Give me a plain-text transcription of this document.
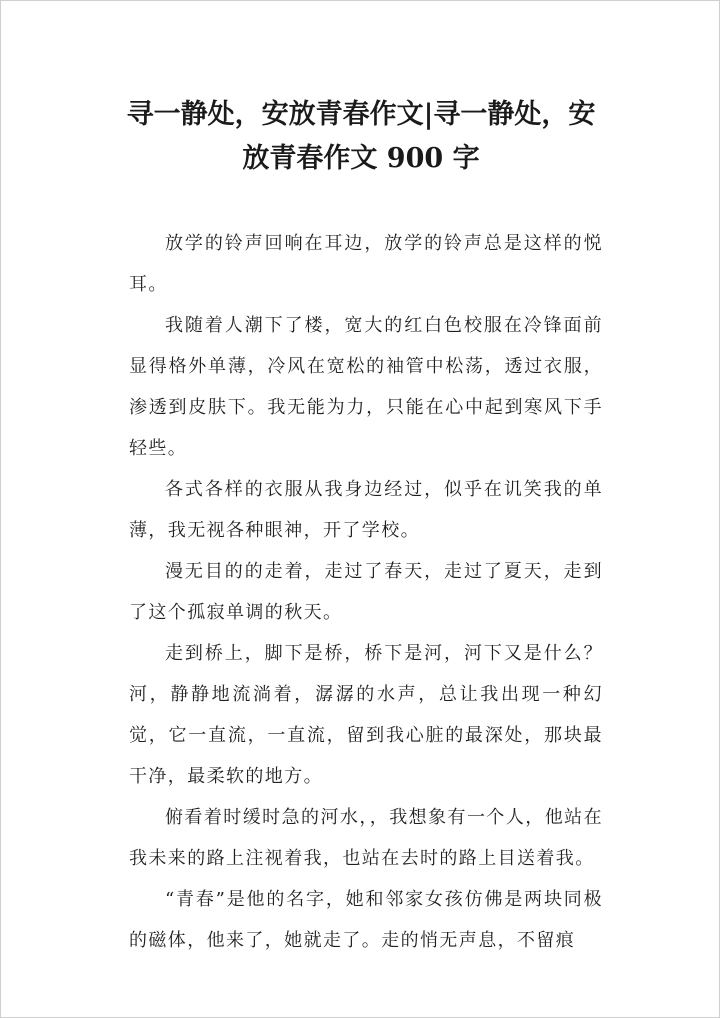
寻一静处，安放青春作文|寻一静处，安放青春作文 900 字

放学的铃声回响在耳边，放学的铃声总是这样的悦耳。

我随着人潮下了楼，宽大的红白色校服在冷锋面前显得格外单薄，冷风在宽松的袖管中松荡，透过衣服，渗透到皮肤下。我无能为力，只能在心中起到寒风下手轻些。

各式各样的衣服从我身边经过，似乎在讥笑我的单薄，我无视各种眼神，开了学校。

漫无目的的走着，走过了春天，走过了夏天，走到了这个孤寂单调的秋天。

走到桥上，脚下是桥，桥下是河，河下又是什么？河，静静地流淌着，潺潺的水声，总让我出现一种幻觉，它一直流，一直流，留到我心脏的最深处，那块最干净，最柔软的地方。

俯看着时缓时急的河水，，我想象有一个人，他站在我未来的路上注视着我，也站在去时的路上目送着我。

“青春”是他的名字，她和邻家女孩仿佛是两块同极的磁体，他来了，她就走了。走的悄无声息，不留痕
